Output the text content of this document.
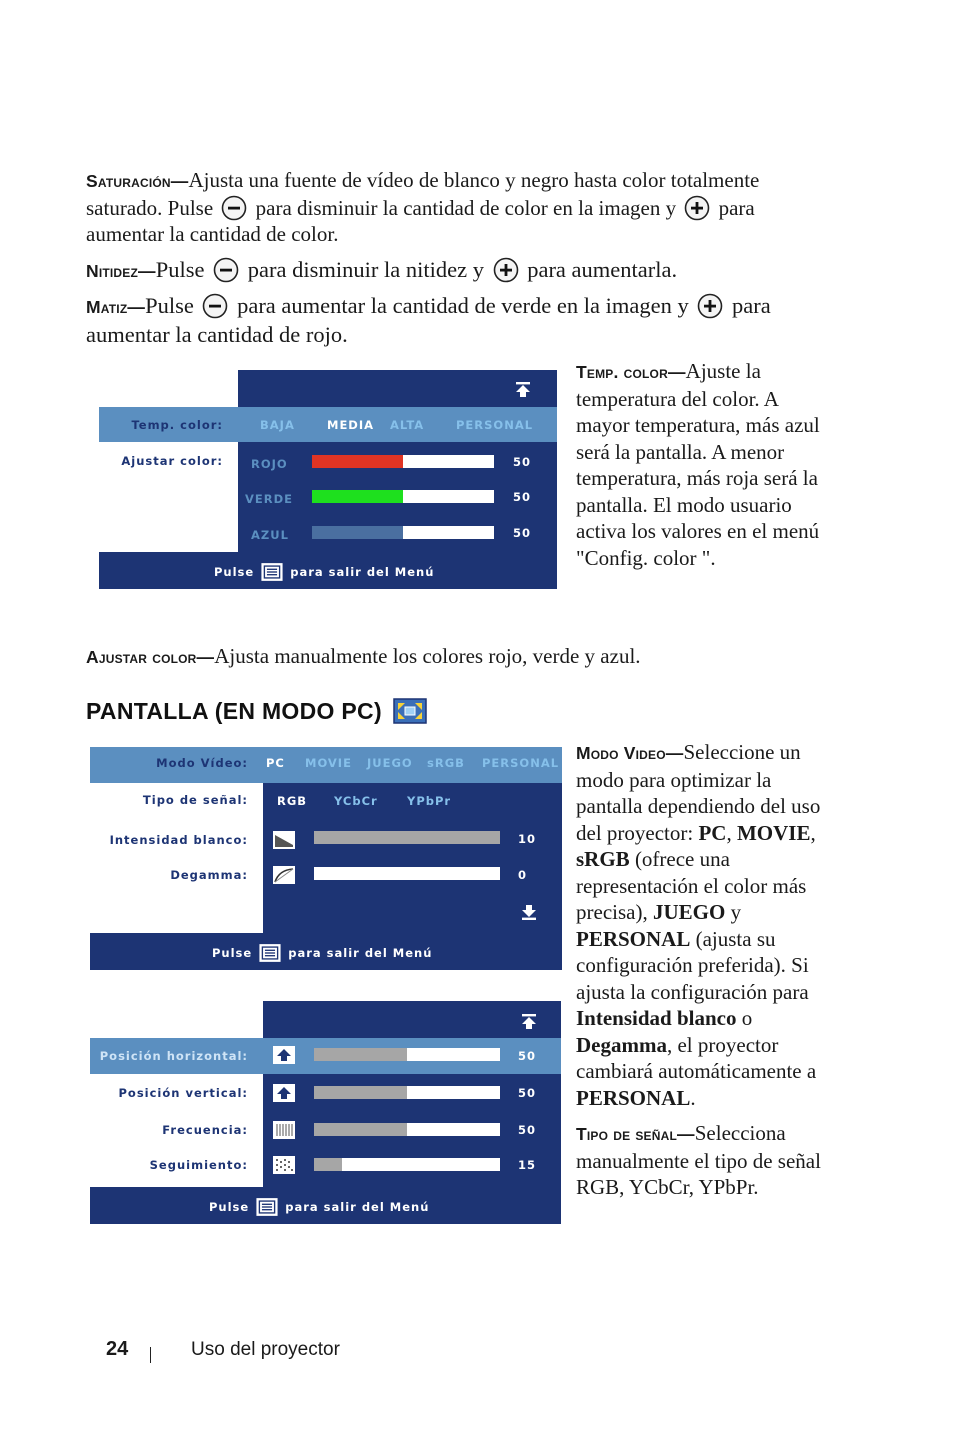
Saturación—Ajusta una fuente de vídeo de blanco y negro hasta color totalmente saturado. Pulse para disminuir la cantidad de color en la imagen y para aumentar la cantidad de color.
Nitidez—Pulse para disminuir la nitidez y para aumentarla.
Matiz—Pulse para aumentar la cantidad de verde en la imagen y para aumentar la cantidad de rojo.
Temp. color:	BAJA	MEDIA ALTA	PERSONAL
Ajustar color: ROJO	50
VERDE	50
AZUL	50
Pulse	para salir del Menú
Temp. color—Ajuste la temperatura del color. A mayor temperatura, más azul será la pantalla. A menor temperatura, más roja será la pantalla. El modo usuario activa los valores en el menú "Config. color ".
Ajustar color—Ajusta manualmente los colores rojo, verde y azul.
PANTALLA (EN MODO PC)
Modo Vídeo: PC MOVIE JUEGO sRGB PERSONAL
Tipo de señal:	RGB YCbCr	YPbPr
Intensidad blanco:	10
Degamma:	0
Pulse	para salir del Menú
Posición horizontal:	50
Posición vertical:	50
Frecuencia:	50
Seguimiento:	15
Pulse	para salir del Menú
Modo Video—Seleccione un modo para optimizar la pantalla dependiendo del uso del proyector: PC, MOVIE, sRGB (ofrece una representación el color más precisa), JUEGO y PERSONAL (ajusta su configuración preferida). Si ajusta la configuración para Intensidad blanco o Degamma, el proyector cambiará automáticamente a PERSONAL.
Tipo de señal—Selecciona manualmente el tipo de señal RGB, YCbCr, YPbPr.
24	Uso del proyector
